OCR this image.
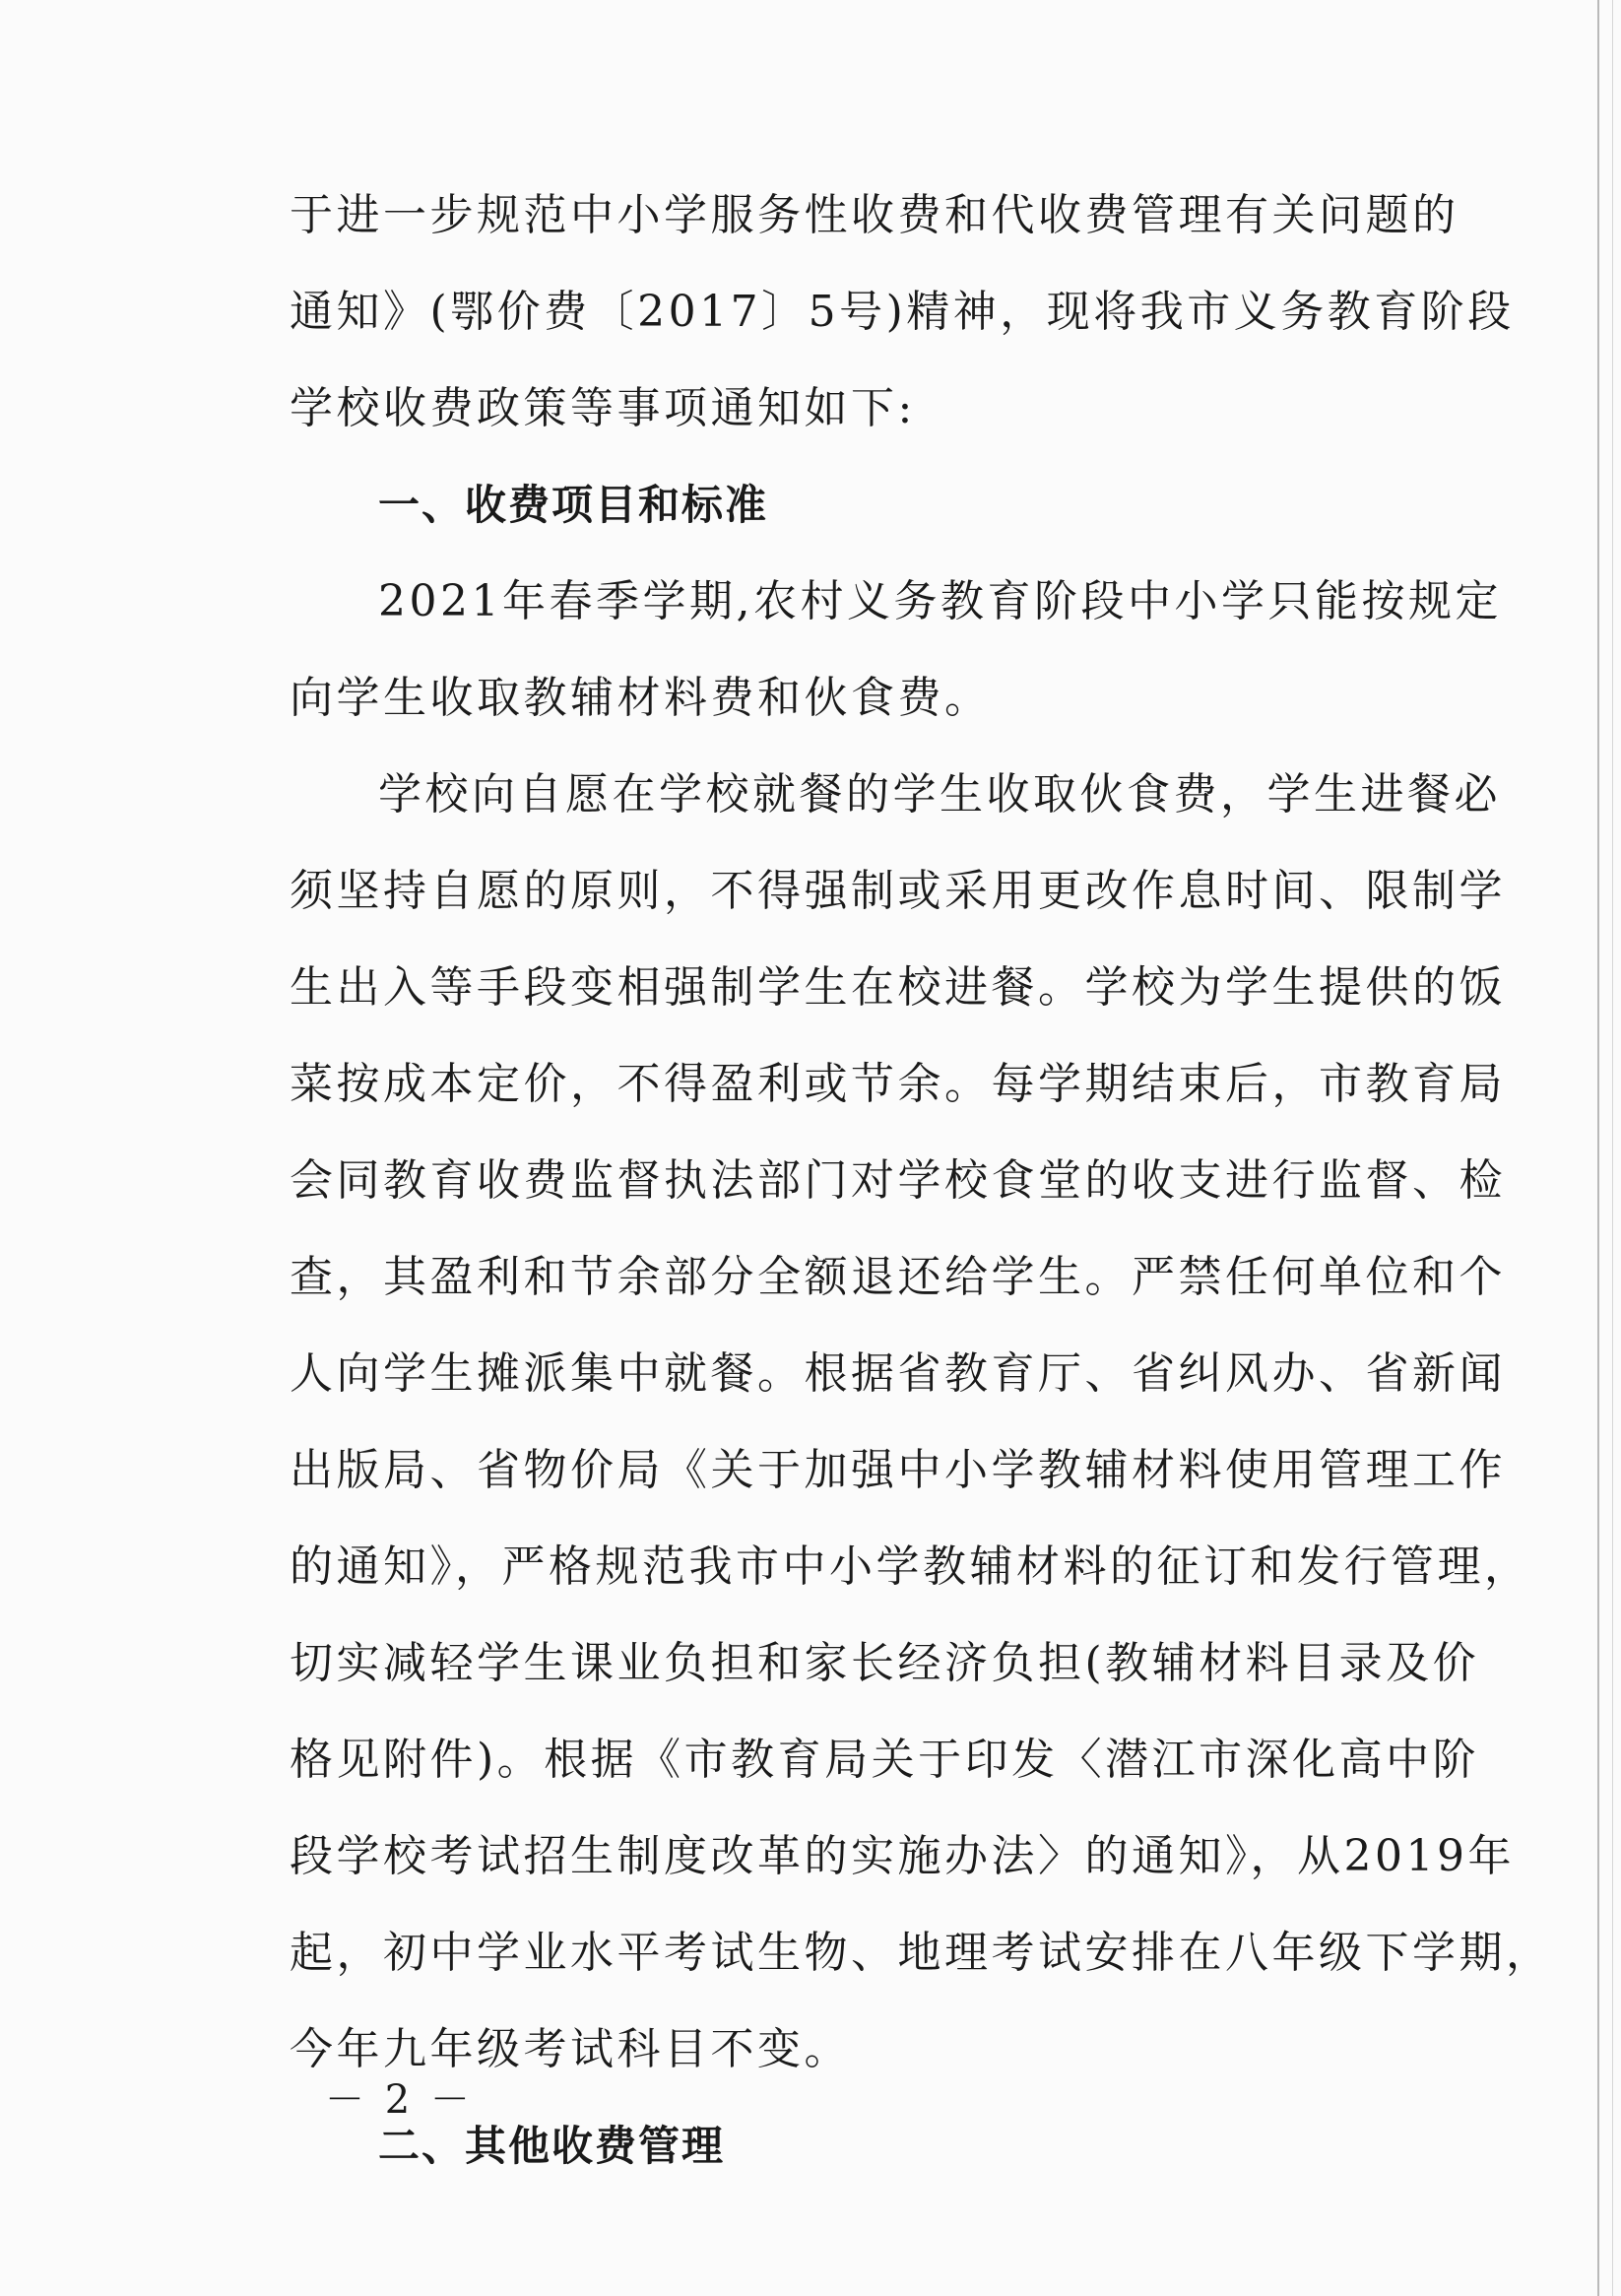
于进一步规范中小学服务性收费和代收费管理有关问题的
通知》(鄂价费〔2017〕5号)精神，现将我市义务教育阶段
学校收费政策等事项通知如下:
一、收费项目和标准
2021年春季学期,农村义务教育阶段中小学只能按规定
向学生收取教辅材料费和伙食费。
学校向自愿在学校就餐的学生收取伙食费，学生进餐必
须坚持自愿的原则，不得强制或采用更改作息时间、限制学
生出入等手段变相强制学生在校进餐。学校为学生提供的饭
菜按成本定价，不得盈利或节余。每学期结束后，市教育局
会同教育收费监督执法部门对学校食堂的收支进行监督、检
查，其盈利和节余部分全额退还给学生。严禁任何单位和个
人向学生摊派集中就餐。根据省教育厅、省纠风办、省新闻
出版局、省物价局《关于加强中小学教辅材料使用管理工作
的通知》，严格规范我市中小学教辅材料的征订和发行管理，
切实减轻学生课业负担和家长经济负担(教辅材料目录及价
格见附件)。根据《市教育局关于印发〈潜江市深化高中阶
段学校考试招生制度改革的实施办法〉的通知》，从2019年
起，初中学业水平考试生物、地理考试安排在八年级下学期，
今年九年级考试科目不变。
二、其他收费管理
－ 2 －
